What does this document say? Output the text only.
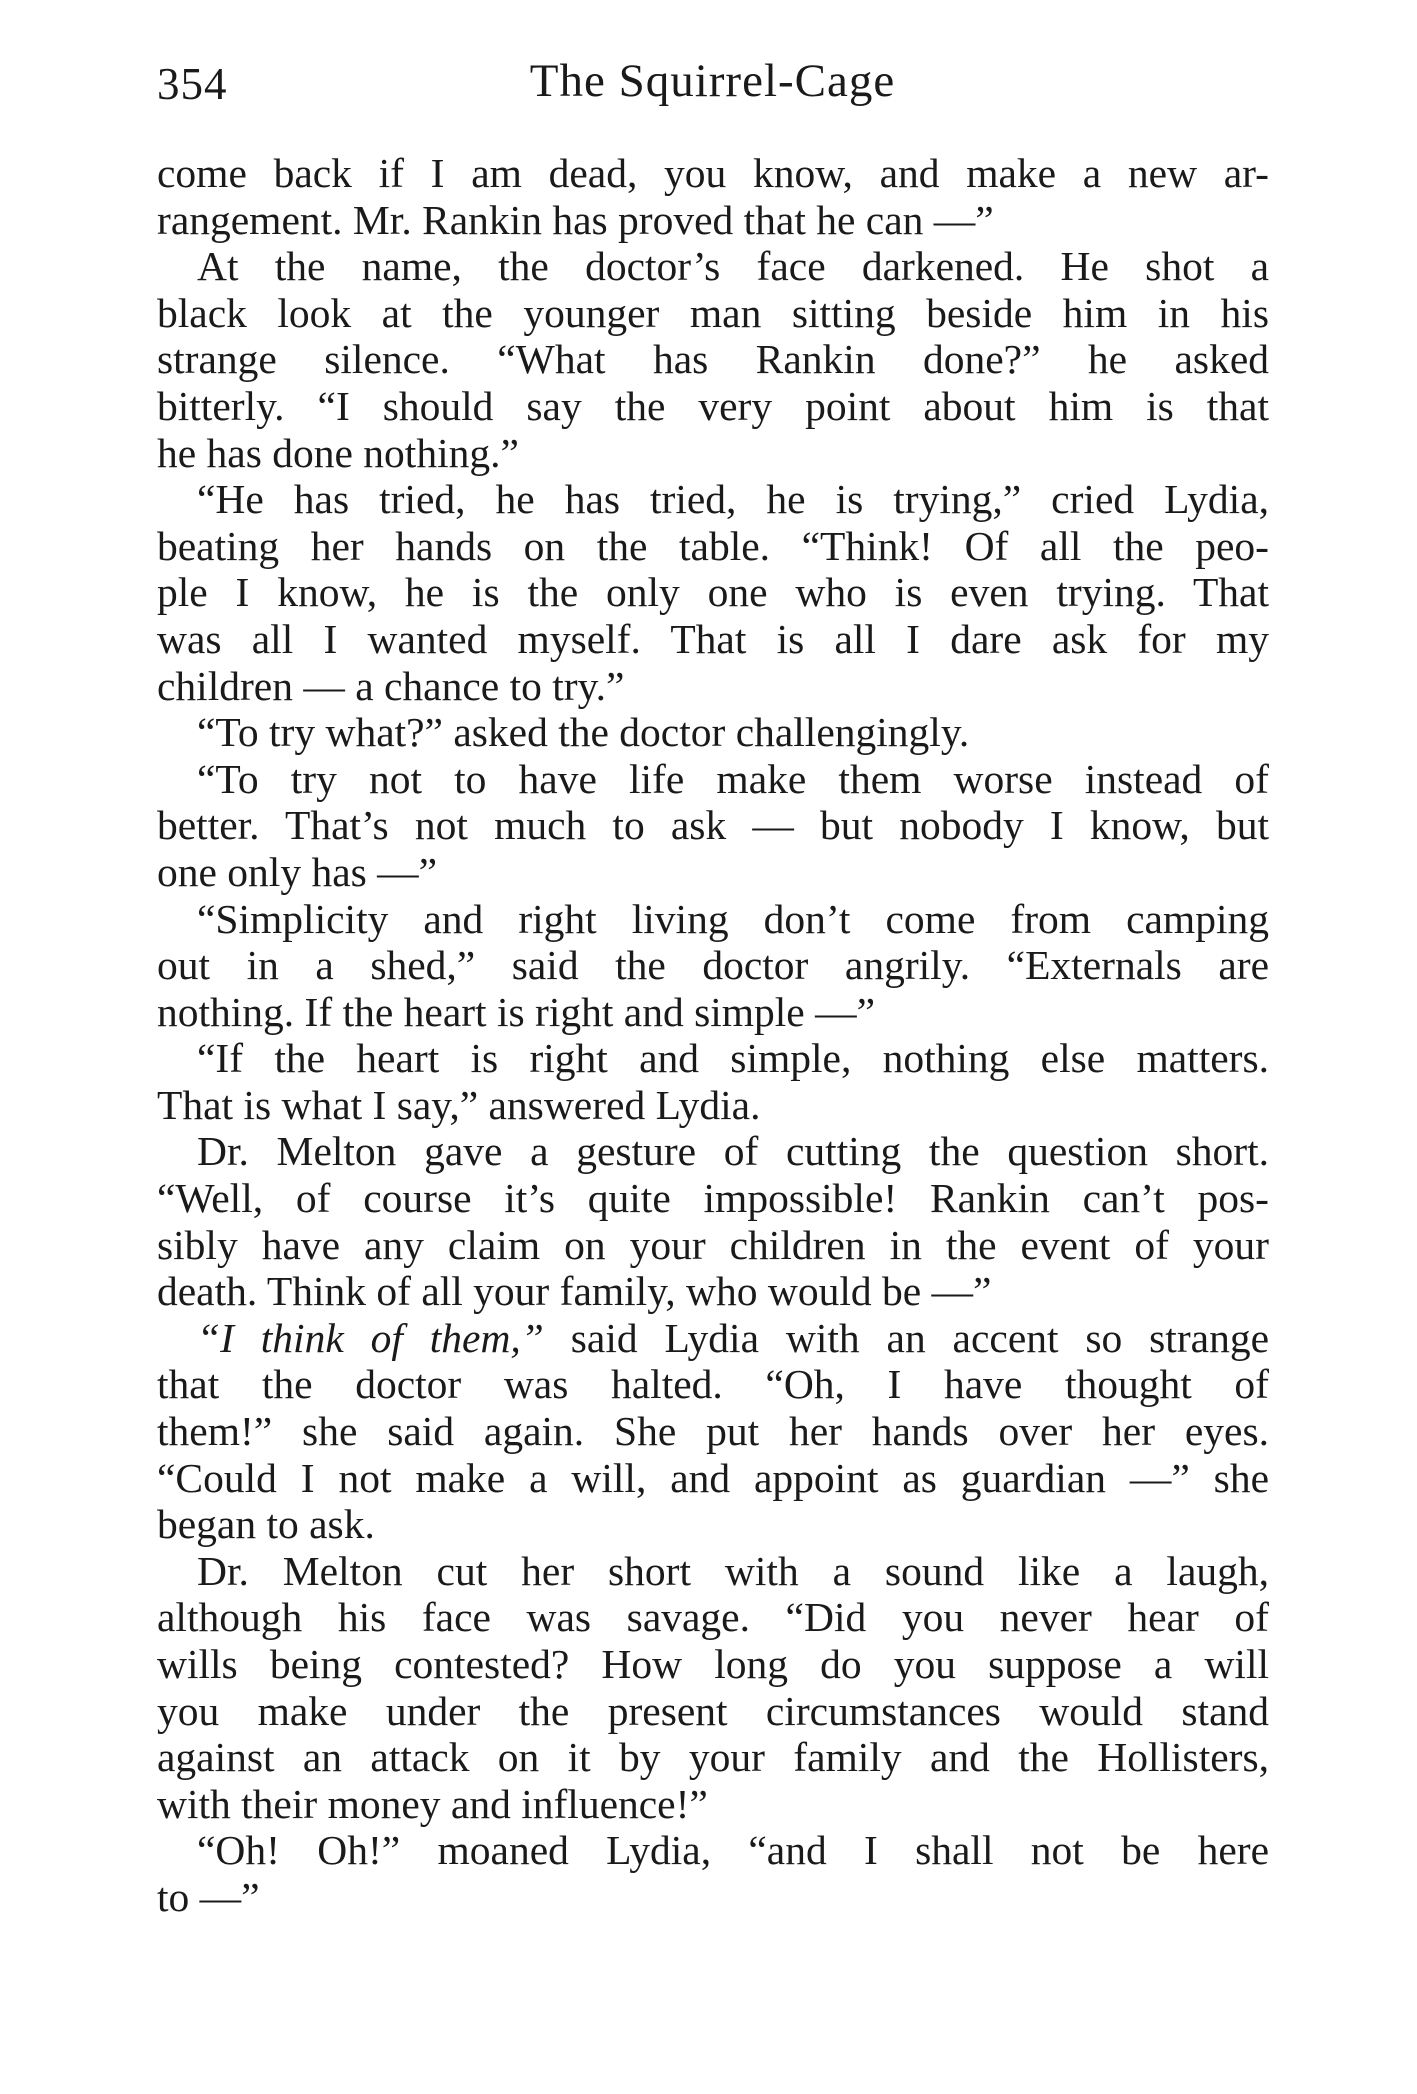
354	The Squirrel-Cage
come back if I am dead, you know, and make a new ar-
rangement. Mr. Rankin has proved that he can —”
At the name, the doctor’s face darkened. He shot a
black look at the younger man sitting beside him in his
strange silence. “What has Rankin done?” he asked
bitterly. “I should say the very point about him is that
he has done nothing.”
“He has tried, he has tried, he is trying,” cried Lydia,
beating her hands on the table. “Think! Of all the peo-
ple I know, he is the only one who is even trying. That
was all I wanted myself. That is all I dare ask for my
children — a chance to try.”
“To try what?” asked the doctor challengingly.
“To try not to have life make them worse instead of
better. That’s not much to ask — but nobody I know, but
one only has —”
“Simplicity and right living don’t come from camping
out in a shed,” said the doctor angrily. “Externals are
nothing. If the heart is right and simple —”
“If the heart is right and simple, nothing else matters.
That is what I say,” answered Lydia.
Dr. Melton gave a gesture of cutting the question short.
“Well, of course it’s quite impossible! Rankin can’t pos-
sibly have any claim on your children in the event of your
death. Think of all your family, who would be —”
“I think of them,” said Lydia with an accent so strange
that the doctor was halted. “Oh, I have thought of
them!” she said again. She put her hands over her eyes.
“Could I not make a will, and appoint as guardian —” she
began to ask.
Dr. Melton cut her short with a sound like a laugh,
although his face was savage. “Did you never hear of
wills being contested? How long do you suppose a will
you make under the present circumstances would stand
against an attack on it by your family and the Hollisters,
with their money and influence!”
“Oh! Oh!” moaned Lydia, “and I shall not be here
to —”
